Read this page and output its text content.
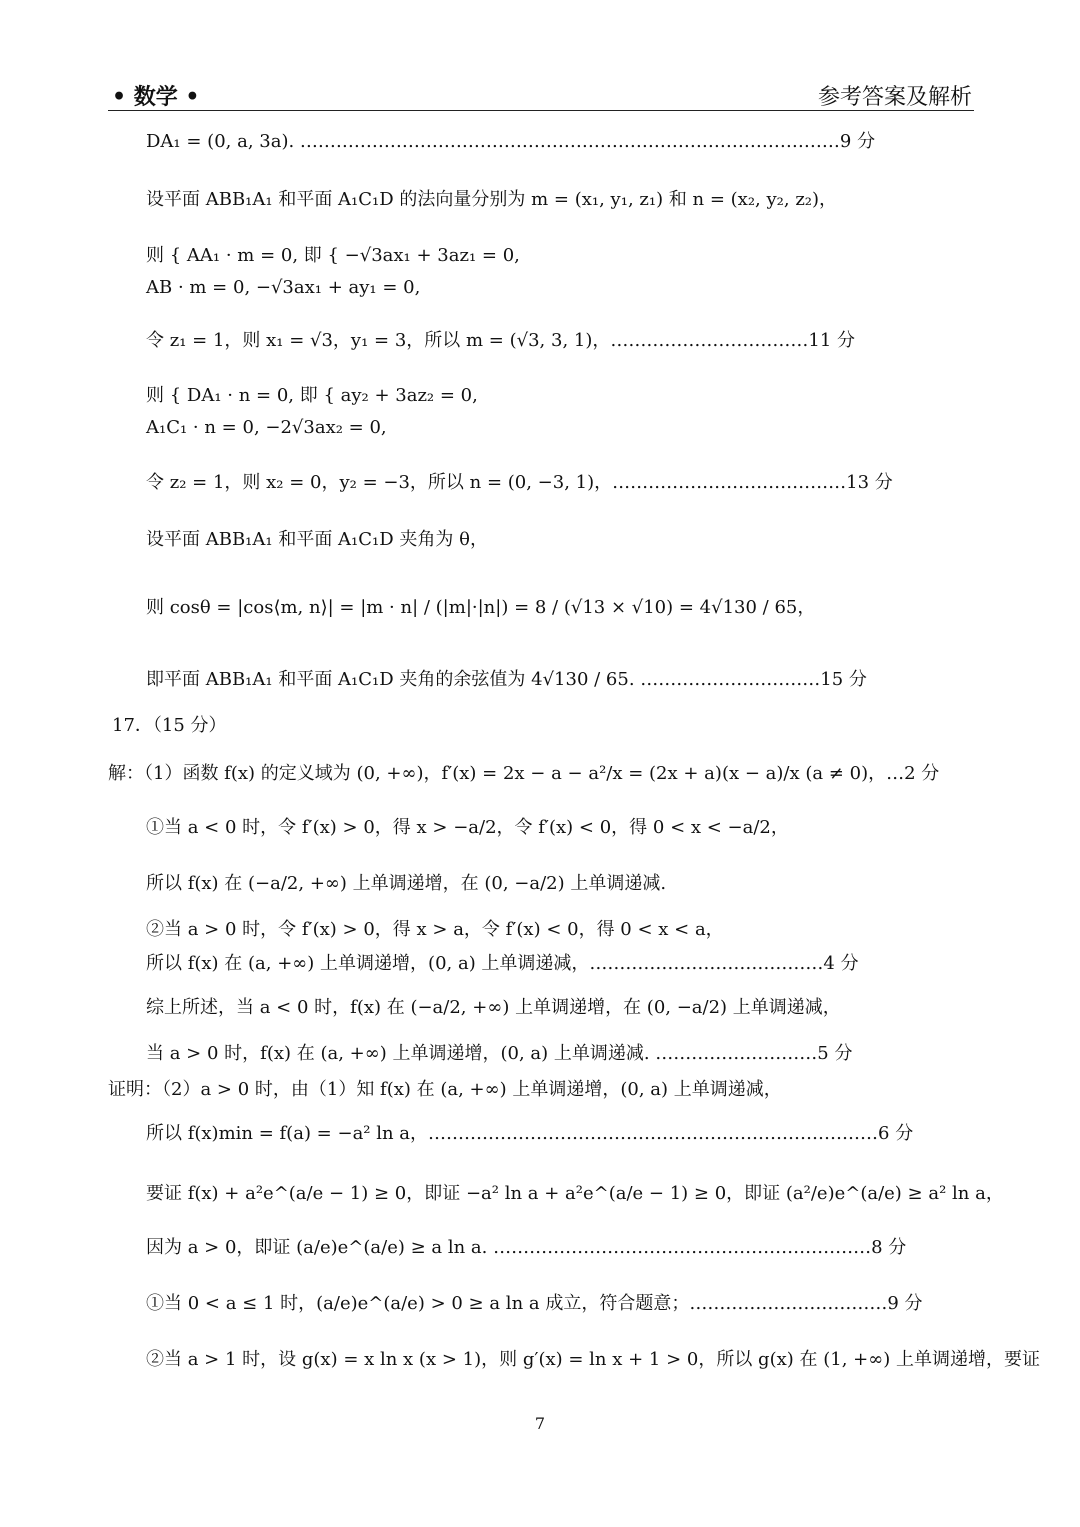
• 数学 •	参考答案及解析
DA₁ = (0, a, 3a). ………………………………………………………………………………9 分
设平面 ABB₁A₁ 和平面 A₁C₁D 的法向量分别为 m = (x₁, y₁, z₁) 和 n = (x₂, y₂, z₂)，
则 { AA₁ · m = 0, 即 { −√3ax₁ + 3az₁ = 0,
AB · m = 0, −√3ax₁ + ay₁ = 0,
令 z₁ = 1，则 x₁ = √3，y₁ = 3，所以 m = (√3, 3, 1)，……………………………11 分
则 { DA₁ · n = 0, 即 { ay₂ + 3az₂ = 0,
A₁C₁ · n = 0, −2√3ax₂ = 0,
令 z₂ = 1，则 x₂ = 0，y₂ = −3，所以 n = (0, −3, 1)，…………………………………13 分
设平面 ABB₁A₁ 和平面 A₁C₁D 夹角为 θ，
则 cosθ = |cos⟨m, n⟩| = |m · n| / (|m|·|n|) = 8 / (√13 × √10) = 4√130 / 65，
即平面 ABB₁A₁ 和平面 A₁C₁D 夹角的余弦值为 4√130 / 65. …………………………15 分
17．（15 分）
解：（1）函数 f(x) 的定义域为 (0, +∞)，f′(x) = 2x − a − a²/x = (2x + a)(x − a)/x (a ≠ 0)，…2 分
①当 a < 0 时，令 f′(x) > 0，得 x > −a/2，令 f′(x) < 0，得 0 < x < −a/2，
所以 f(x) 在 (−a/2, +∞) 上单调递增，在 (0, −a/2) 上单调递减.
②当 a > 0 时，令 f′(x) > 0，得 x > a，令 f′(x) < 0，得 0 < x < a，
所以 f(x) 在 (a, +∞) 上单调递增，(0, a) 上单调递减，…………………………………4 分
综上所述，当 a < 0 时，f(x) 在 (−a/2, +∞) 上单调递增，在 (0, −a/2) 上单调递减，
当 a > 0 时，f(x) 在 (a, +∞) 上单调递增，(0, a) 上单调递减. ………………………5 分
证明：（2）a > 0 时，由（1）知 f(x) 在 (a, +∞) 上单调递增，(0, a) 上单调递减，
所以 f(x)min = f(a) = −a² ln a，…………………………………………………………………6 分
要证 f(x) + a²e^(a/e − 1) ≥ 0，即证 −a² ln a + a²e^(a/e − 1) ≥ 0，即证 (a²/e)e^(a/e) ≥ a² ln a，
因为 a > 0，即证 (a/e)e^(a/e) ≥ a ln a. ………………………………………………………8 分
①当 0 < a ≤ 1 时，(a/e)e^(a/e) > 0 ≥ a ln a 成立，符合题意；……………………………9 分
②当 a > 1 时，设 g(x) = x ln x (x > 1)，则 g′(x) = ln x + 1 > 0，所以 g(x) 在 (1, +∞) 上单调递增，要证
7
